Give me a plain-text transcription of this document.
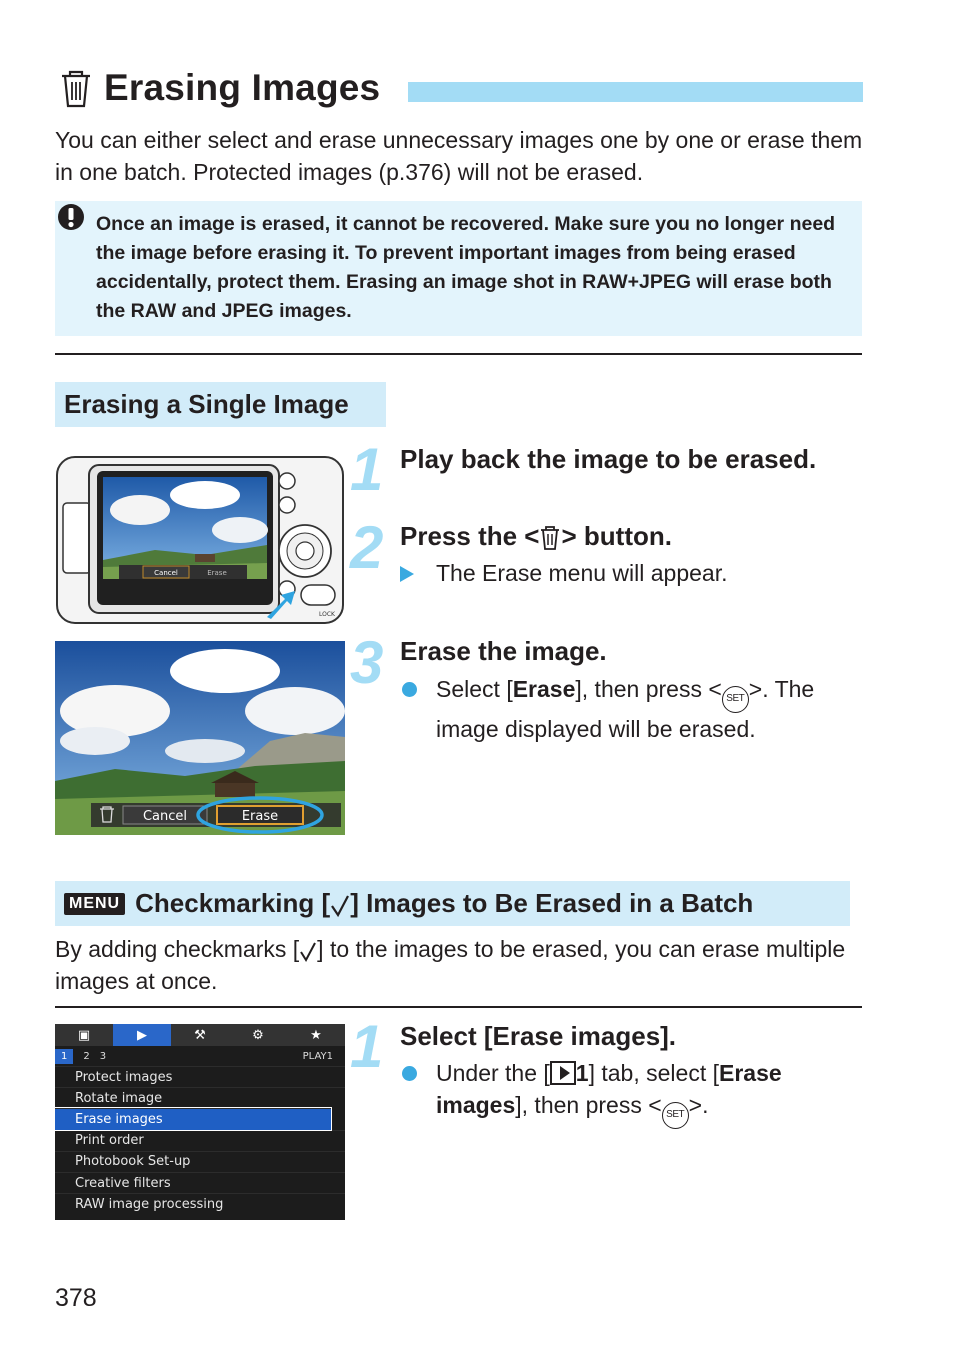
Erasing Images

You can either select and erase unnecessary images one by one or erase them in one batch. Protected images (p.376) will not be erased.

Once an image is erased, it cannot be recovered. Make sure you no longer need the image before erasing it. To prevent important images from being erased accidentally, protect them. Erasing an image shot in RAW+JPEG will erase both the RAW and JPEG images.

Erasing a Single Image
Cancel	Erase
LOCK
1 Play back the image to be erased.
2 Press the < > button.
The Erase menu will appear.
Cancel	Erase
3 Erase the image.
Select [Erase], then press < SET >. The image displayed will be erased.
MENU Checkmarking [ ] Images to Be Erased in a Batch

By adding checkmarks [ ] to the images to be erased, you can erase multiple images at once.

▣	▶	⚒	⚙	★
1	2 3	PLAY1
Protect images
Rotate image
Erase images
Print order
Photobook Set-up
Creative filters
RAW image processing
1 Select [Erase images].
Under the [ 1] tab, select [Erase images], then press < SET >.
378
